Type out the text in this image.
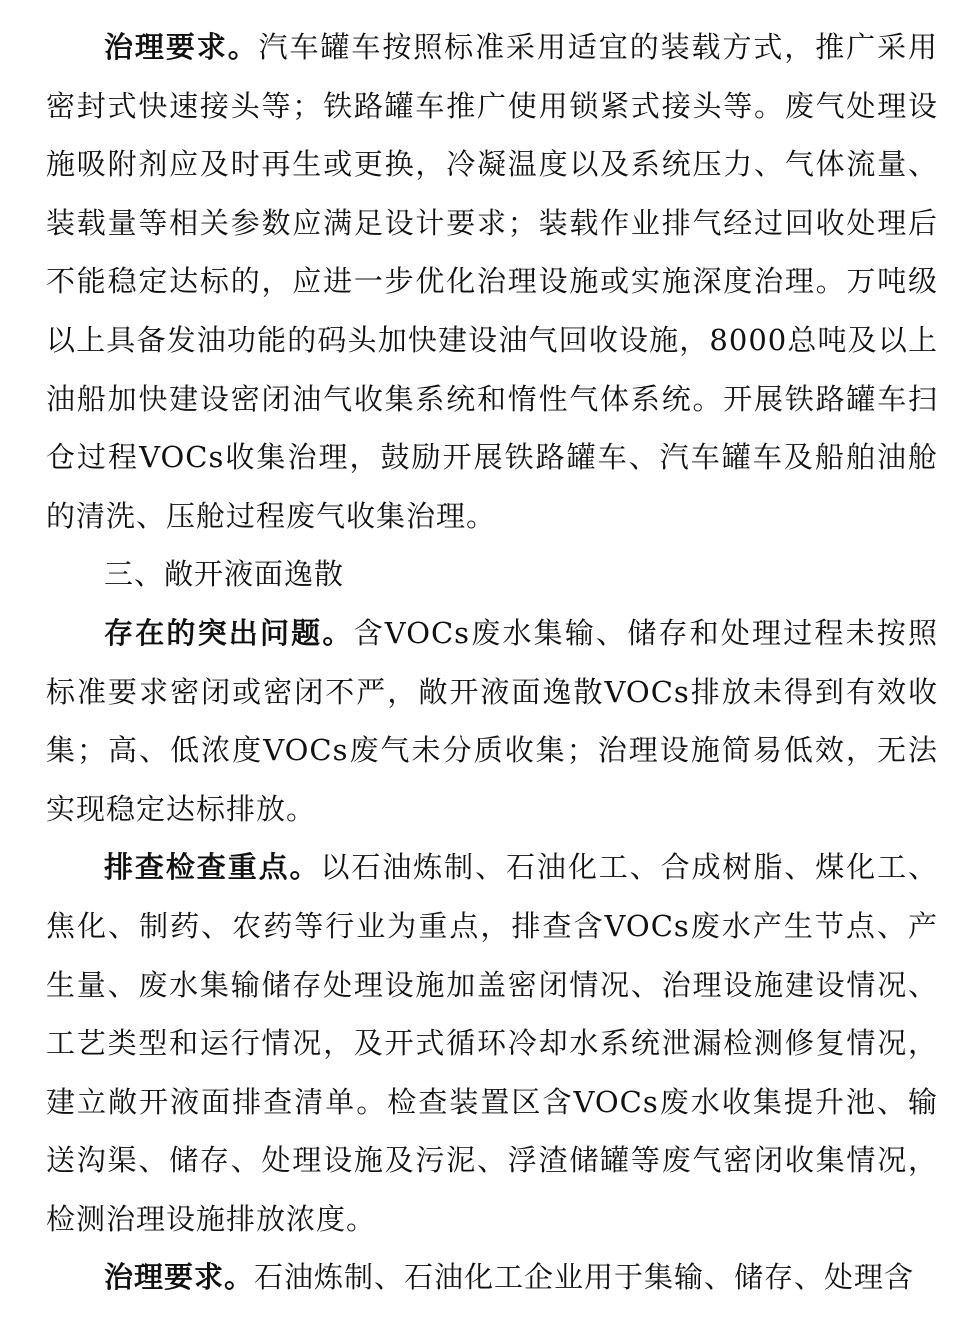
治理要求。汽车罐车按照标准采用适宜的装载方式，推广采用密封式快速接头等；铁路罐车推广使用锁紧式接头等。废气处理设施吸附剂应及时再生或更换，冷凝温度以及系统压力、气体流量、装载量等相关参数应满足设计要求；装载作业排气经过回收处理后不能稳定达标的，应进一步优化治理设施或实施深度治理。万吨级以上具备发油功能的码头加快建设油气回收设施，8000总吨及以上油船加快建设密闭油气收集系统和惰性气体系统。开展铁路罐车扫仓过程VOCs收集治理，鼓励开展铁路罐车、汽车罐车及船舶油舱的清洗、压舱过程废气收集治理。

三、敞开液面逸散

存在的突出问题。含VOCs废水集输、储存和处理过程未按照标准要求密闭或密闭不严，敞开液面逸散VOCs排放未得到有效收集；高、低浓度VOCs废气未分质收集；治理设施简易低效，无法实现稳定达标排放。

排查检查重点。以石油炼制、石油化工、合成树脂、煤化工、焦化、制药、农药等行业为重点，排查含VOCs废水产生节点、产生量、废水集输储存处理设施加盖密闭情况、治理设施建设情况、工艺类型和运行情况，及开式循环冷却水系统泄漏检测修复情况，建立敞开液面排查清单。检查装置区含VOCs废水收集提升池、输送沟渠、储存、处理设施及污泥、浮渣储罐等废气密闭收集情况，检测治理设施排放浓度。

治理要求。石油炼制、石油化工企业用于集输、储存、处理含
